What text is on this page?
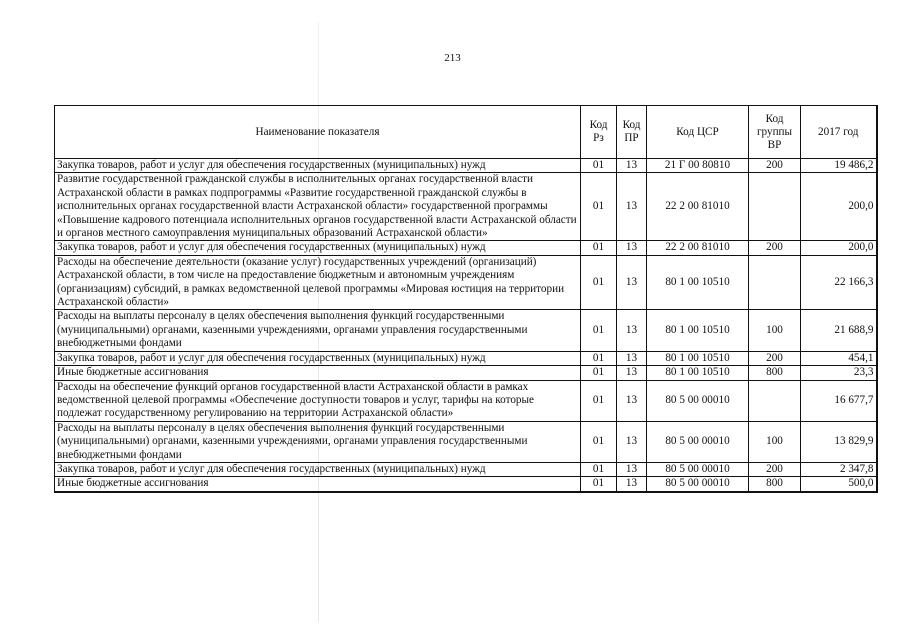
213
Наименование показателя	Код Рз	Код ПР	Код ЦСР	Код группы ВР	2017 год
Закупка товаров, работ и услуг для обеспечения государственных (муниципальных) нужд	01	13	21 Г 00 80810	200	19 486,2
Развитие государственной гражданской службы в исполнительных органах государственной власти Астраханской области в рамках подпрограммы «Развитие государственной гражданской службы в исполнительных органах государственной власти Астраханской области» государственной программы «Повышение кадрового потенциала исполнительных органов государственной власти Астраханской области и органов местного самоуправления муниципальных образований Астраханской области»	01	13	22 2 00 81010		200,0
Закупка товаров, работ и услуг для обеспечения государственных (муниципальных) нужд	01	13	22 2 00 81010	200	200,0
Расходы на обеспечение деятельности (оказание услуг) государственных учреждений (организаций) Астраханской области, в том числе на предоставление бюджетным и автономным учреждениям (организациям) субсидий, в рамках ведомственной целевой программы «Мировая юстиция на территории Астраханской области»	01	13	80 1 00 10510		22 166,3
Расходы на выплаты персоналу в целях обеспечения выполнения функций государственными (муниципальными) органами, казенными учреждениями, органами управления государственными внебюджетными фондами	01	13	80 1 00 10510	100	21 688,9
Закупка товаров, работ и услуг для обеспечения государственных (муниципальных) нужд	01	13	80 1 00 10510	200	454,1
Иные бюджетные ассигнования	01	13	80 1 00 10510	800	23,3
Расходы на обеспечение функций органов государственной власти Астраханской области в рамках ведомственной целевой программы «Обеспечение доступности товаров и услуг, тарифы на которые подлежат государственному регулированию на территории Астраханской области»	01	13	80 5 00 00010		16 677,7
Расходы на выплаты персоналу в целях обеспечения выполнения функций государственными (муниципальными) органами, казенными учреждениями, органами управления государственными внебюджетными фондами	01	13	80 5 00 00010	100	13 829,9
Закупка товаров, работ и услуг для обеспечения государственных (муниципальных) нужд	01	13	80 5 00 00010	200	2 347,8
Иные бюджетные ассигнования	01	13	80 5 00 00010	800	500,0
